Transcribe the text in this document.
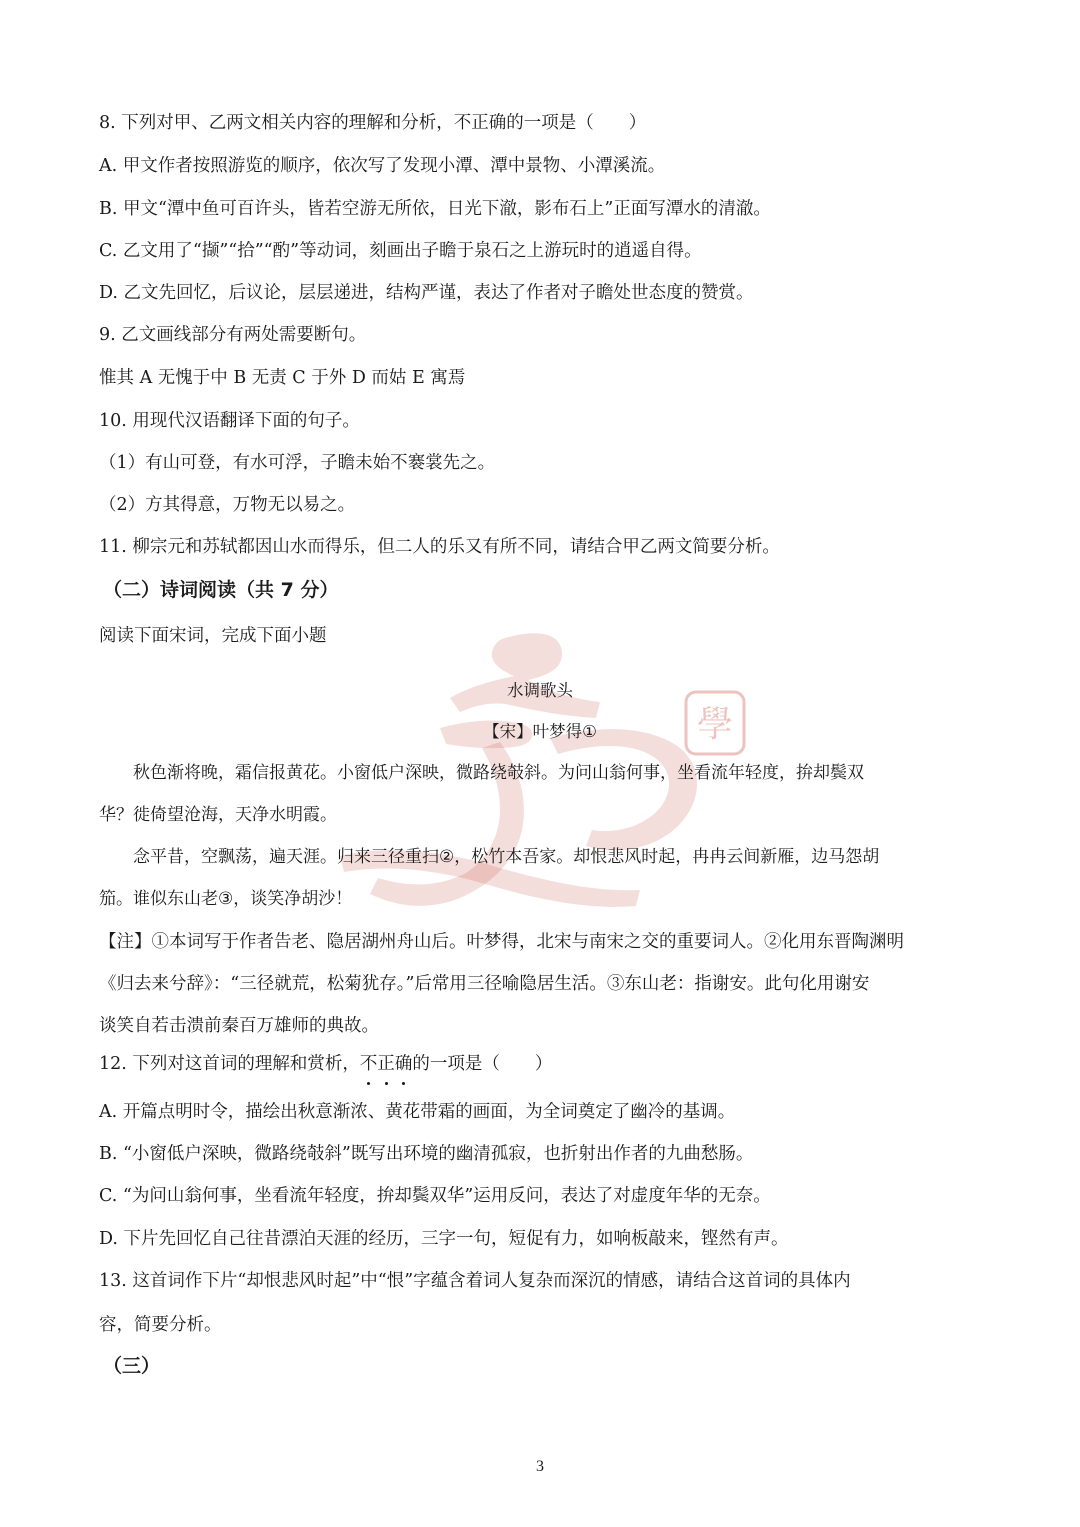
學
8. 下列对甲、乙两文相关内容的理解和分析，不正确的一项是（　　）
A. 甲文作者按照游览的顺序，依次写了发现小潭、潭中景物、小潭溪流。
B. 甲文“潭中鱼可百许头，皆若空游无所依，日光下澈，影布石上”正面写潭水的清澈。
C. 乙文用了“撷”“拾”“酌”等动词，刻画出子瞻于泉石之上游玩时的逍遥自得。
D. 乙文先回忆，后议论，层层递进，结构严谨，表达了作者对子瞻处世态度的赞赏。
9. 乙文画线部分有两处需要断句。
惟其 A 无愧于中 B 无责 C 于外 D 而姑 E 寓焉
10. 用现代汉语翻译下面的句子。
（1）有山可登，有水可浮，子瞻未始不褰裳先之。
（2）方其得意，万物无以易之。
11. 柳宗元和苏轼都因山水而得乐，但二人的乐又有所不同，请结合甲乙两文简要分析。
（二）诗词阅读（共 7 分）
阅读下面宋词，完成下面小题
水调歌头
【宋】叶梦得①
秋色渐将晚，霜信报黄花。小窗低户深映，微路绕攲斜。为问山翁何事，坐看流年轻度，拚却鬓双
华？徙倚望沧海，天净水明霞。
念平昔，空飘荡，遍天涯。归来三径重扫②，松竹本吾家。却恨悲风时起，冉冉云间新雁，边马怨胡
笳。谁似东山老③，谈笑净胡沙！
【注】①本词写于作者告老、隐居湖州舟山后。叶梦得，北宋与南宋之交的重要词人。②化用东晋陶渊明
《归去来兮辞》：“三径就荒，松菊犹存。”后常用三径喻隐居生活。③东山老：指谢安。此句化用谢安
谈笑自若击溃前秦百万雄师的典故。
12. 下列对这首词的理解和赏析，不正确的一项是（　　）
A. 开篇点明时令，描绘出秋意渐浓、黄花带霜的画面，为全词奠定了幽冷的基调。
B. “小窗低户深映，微路绕攲斜”既写出环境的幽清孤寂，也折射出作者的九曲愁肠。
C. “为问山翁何事，坐看流年轻度，拚却鬓双华”运用反问，表达了对虚度年华的无奈。
D. 下片先回忆自己往昔漂泊天涯的经历，三字一句，短促有力，如响板敲来，铿然有声。
13. 这首词作下片“却恨悲风时起”中“恨”字蕴含着词人复杂而深沉的情感，请结合这首词的具体内
容，简要分析。
（三）
3
